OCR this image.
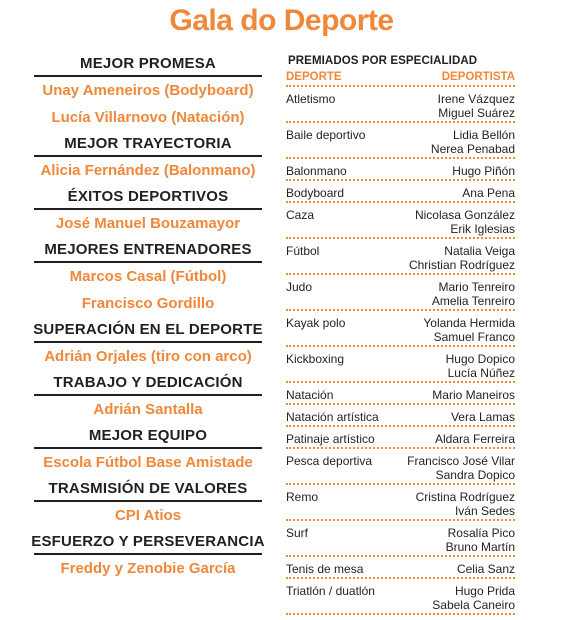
Gala do Deporte
MEJOR PROMESA
Unay Ameneiros (Bodyboard)
Lucía Villarnovo (Natación)
MEJOR TRAYECTORIA
Alicia Fernández (Balonmano)
ÉXITOS DEPORTIVOS
José Manuel Bouzamayor
MEJORES ENTRENADORES
Marcos Casal (Fútbol)
Francisco Gordillo
SUPERACIÓN EN EL DEPORTE
Adrián Orjales (tiro con arco)
TRABAJO Y DEDICACIÓN
Adrián Santalla
MEJOR EQUIPO
Escola Fútbol Base Amistade
TRASMISIÓN DE VALORES
CPI Atios
ESFUERZO Y PERSEVERANCIA
Freddy y Zenobie García
PREMIADOS POR ESPECIALIDAD
DEPORTE	DEPORTISTA
Atletismo	Irene Vázquez
Miguel Suárez
Baile deportivo	Lidia Bellón
Nerea Penabad
Balonmano	Hugo Piñón
Bodyboard	Ana Pena
Caza	Nicolasa González
Erik Iglesias
Fútbol	Natalia Veiga
Christian Rodríguez
Judo	Mario Tenreiro
Amelia Tenreiro
Kayak polo	Yolanda Hermida
Samuel Franco
Kickboxing	Hugo Dopico
Lucía Núñez
Natación	Mario Maneiros
Natación artística	Vera Lamas
Patinaje artístico	Aldara Ferreira
Pesca deportiva	Francisco José Vilar
Sandra Dopico
Remo	Cristina Rodríguez
Iván Sedes
Surf	Rosalía Pico
Bruno Martín
Tenis de mesa	Celia Sanz
Triatlón / duatlón	Hugo Prida
Sabela Caneiro
